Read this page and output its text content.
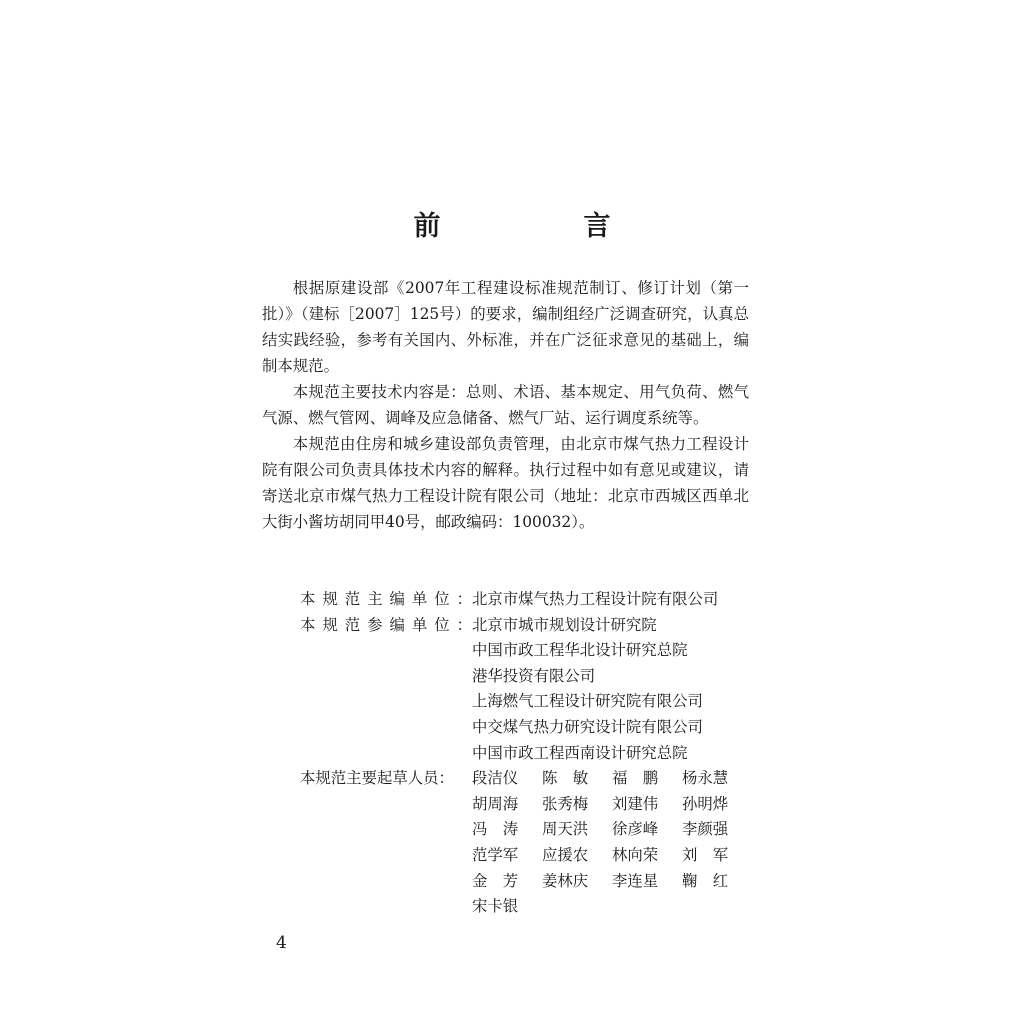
前　言

根据原建设部《2007年工程建设标准规范制订、修订计划（第一批）》（建标［2007］125号）的要求，编制组经广泛调查研究，认真总结实践经验，参考有关国内、外标准，并在广泛征求意见的基础上，编制本规范。

本规范主要技术内容是：总则、术语、基本规定、用气负荷、燃气气源、燃气管网、调峰及应急储备、燃气厂站、运行调度系统等。

本规范由住房和城乡建设部负责管理，由北京市煤气热力工程设计院有限公司负责具体技术内容的解释。执行过程中如有意见或建议，请寄送北京市煤气热力工程设计院有限公司（地址：北京市西城区西单北大街小酱坊胡同甲40号，邮政编码：100032）。

本规范主编单位： 北京市煤气热力工程设计院有限公司
本规范参编单位： 北京市城市规划设计研究院
中国市政工程华北设计研究总院
港华投资有限公司
上海燃气工程设计研究院有限公司
中交煤气热力研究设计院有限公司
中国市政工程西南设计研究总院
本规范主要起草人员：	段洁仪	陈　敏	福　鹏	杨永慧
胡周海	张秀梅	刘建伟	孙明烨
冯　涛	周天洪	徐彦峰	李颜强
范学军	应援农	林向荣	刘　军
金　芳	姜林庆	李连星	鞠　红
宋卡银
4
